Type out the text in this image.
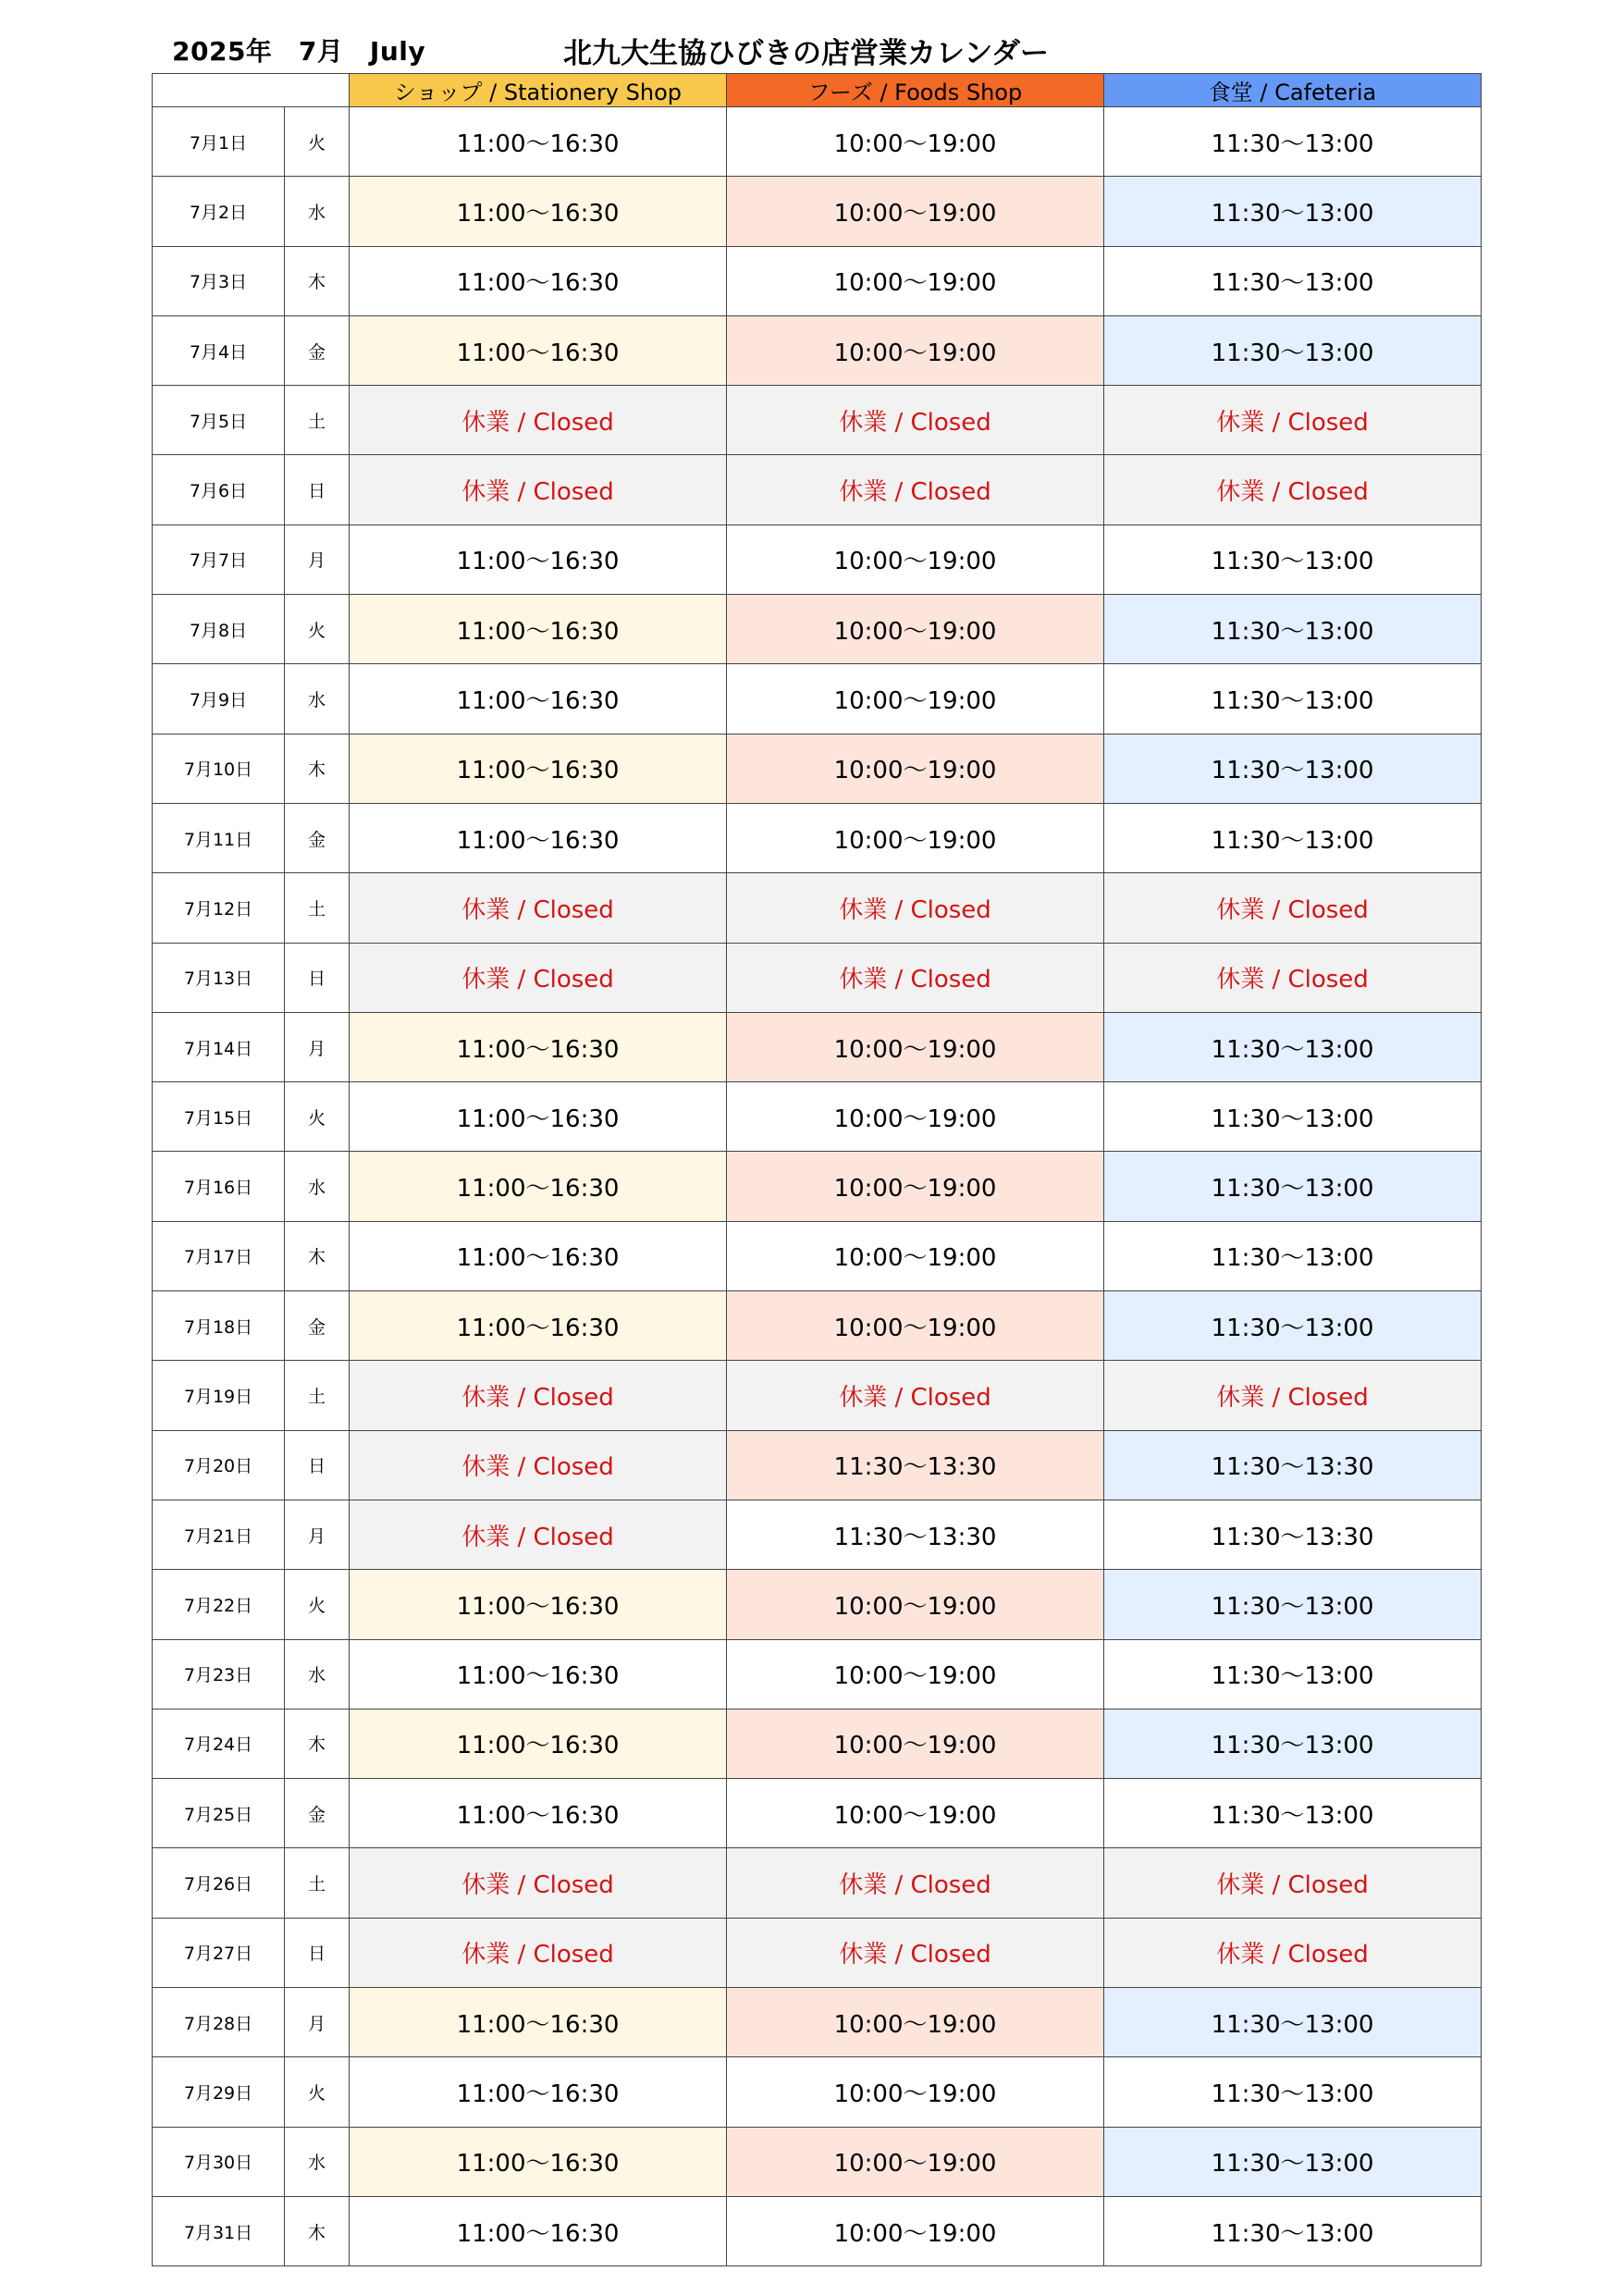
2025年　7月　July	北九大生協ひびきの店営業カレンダー
		ショップ / Stationery Shop	フーズ / Foods Shop	食堂 / Cafeteria
7月1日	火	11:00〜16:30	10:00〜19:00	11:30〜13:00
7月2日	水	11:00〜16:30	10:00〜19:00	11:30〜13:00
7月3日	木	11:00〜16:30	10:00〜19:00	11:30〜13:00
7月4日	金	11:00〜16:30	10:00〜19:00	11:30〜13:00
7月5日	土	休業 / Closed	休業 / Closed	休業 / Closed
7月6日	日	休業 / Closed	休業 / Closed	休業 / Closed
7月7日	月	11:00〜16:30	10:00〜19:00	11:30〜13:00
7月8日	火	11:00〜16:30	10:00〜19:00	11:30〜13:00
7月9日	水	11:00〜16:30	10:00〜19:00	11:30〜13:00
7月10日	木	11:00〜16:30	10:00〜19:00	11:30〜13:00
7月11日	金	11:00〜16:30	10:00〜19:00	11:30〜13:00
7月12日	土	休業 / Closed	休業 / Closed	休業 / Closed
7月13日	日	休業 / Closed	休業 / Closed	休業 / Closed
7月14日	月	11:00〜16:30	10:00〜19:00	11:30〜13:00
7月15日	火	11:00〜16:30	10:00〜19:00	11:30〜13:00
7月16日	水	11:00〜16:30	10:00〜19:00	11:30〜13:00
7月17日	木	11:00〜16:30	10:00〜19:00	11:30〜13:00
7月18日	金	11:00〜16:30	10:00〜19:00	11:30〜13:00
7月19日	土	休業 / Closed	休業 / Closed	休業 / Closed
7月20日	日	休業 / Closed	11:30〜13:30	11:30〜13:30
7月21日	月	休業 / Closed	11:30〜13:30	11:30〜13:30
7月22日	火	11:00〜16:30	10:00〜19:00	11:30〜13:00
7月23日	水	11:00〜16:30	10:00〜19:00	11:30〜13:00
7月24日	木	11:00〜16:30	10:00〜19:00	11:30〜13:00
7月25日	金	11:00〜16:30	10:00〜19:00	11:30〜13:00
7月26日	土	休業 / Closed	休業 / Closed	休業 / Closed
7月27日	日	休業 / Closed	休業 / Closed	休業 / Closed
7月28日	月	11:00〜16:30	10:00〜19:00	11:30〜13:00
7月29日	火	11:00〜16:30	10:00〜19:00	11:30〜13:00
7月30日	水	11:00〜16:30	10:00〜19:00	11:30〜13:00
7月31日	木	11:00〜16:30	10:00〜19:00	11:30〜13:00
